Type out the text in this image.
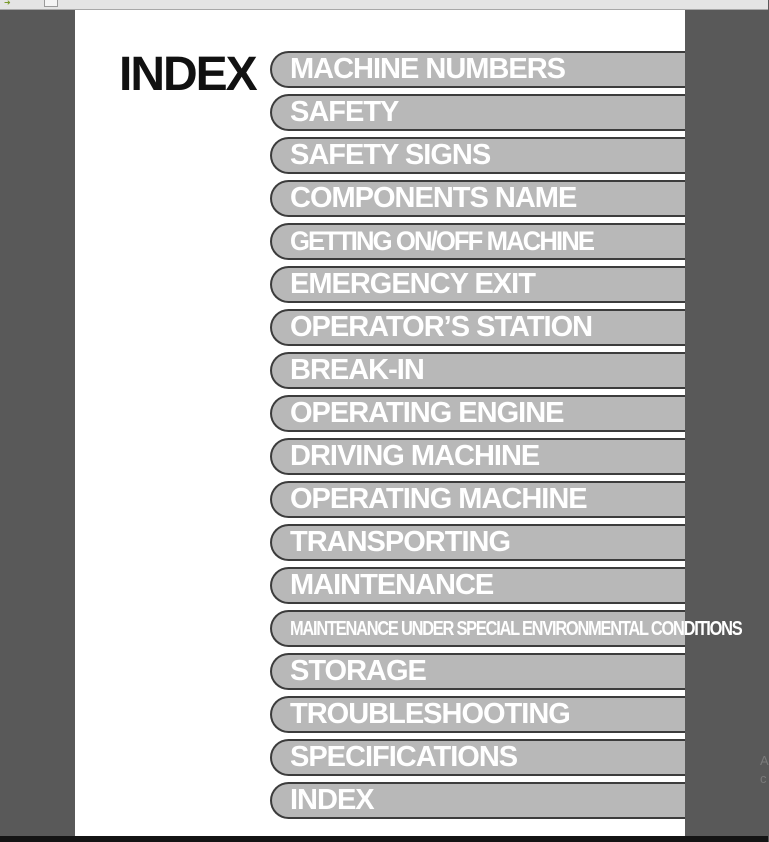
➜
INDEX MACHINE NUMBERS
SAFETY
SAFETY SIGNS
COMPONENTS NAME
GETTING ON/OFF MACHINE
EMERGENCY EXIT
OPERATOR’S STATION
BREAK-IN
OPERATING ENGINE
DRIVING MACHINE
OPERATING MACHINE
TRANSPORTING
MAINTENANCE
MAINTENANCE UNDER SPECIAL ENVIRONMENTAL CONDITIONS
STORAGE
TROUBLESHOOTING
SPECIFICATIONS
INDEX
A
c
